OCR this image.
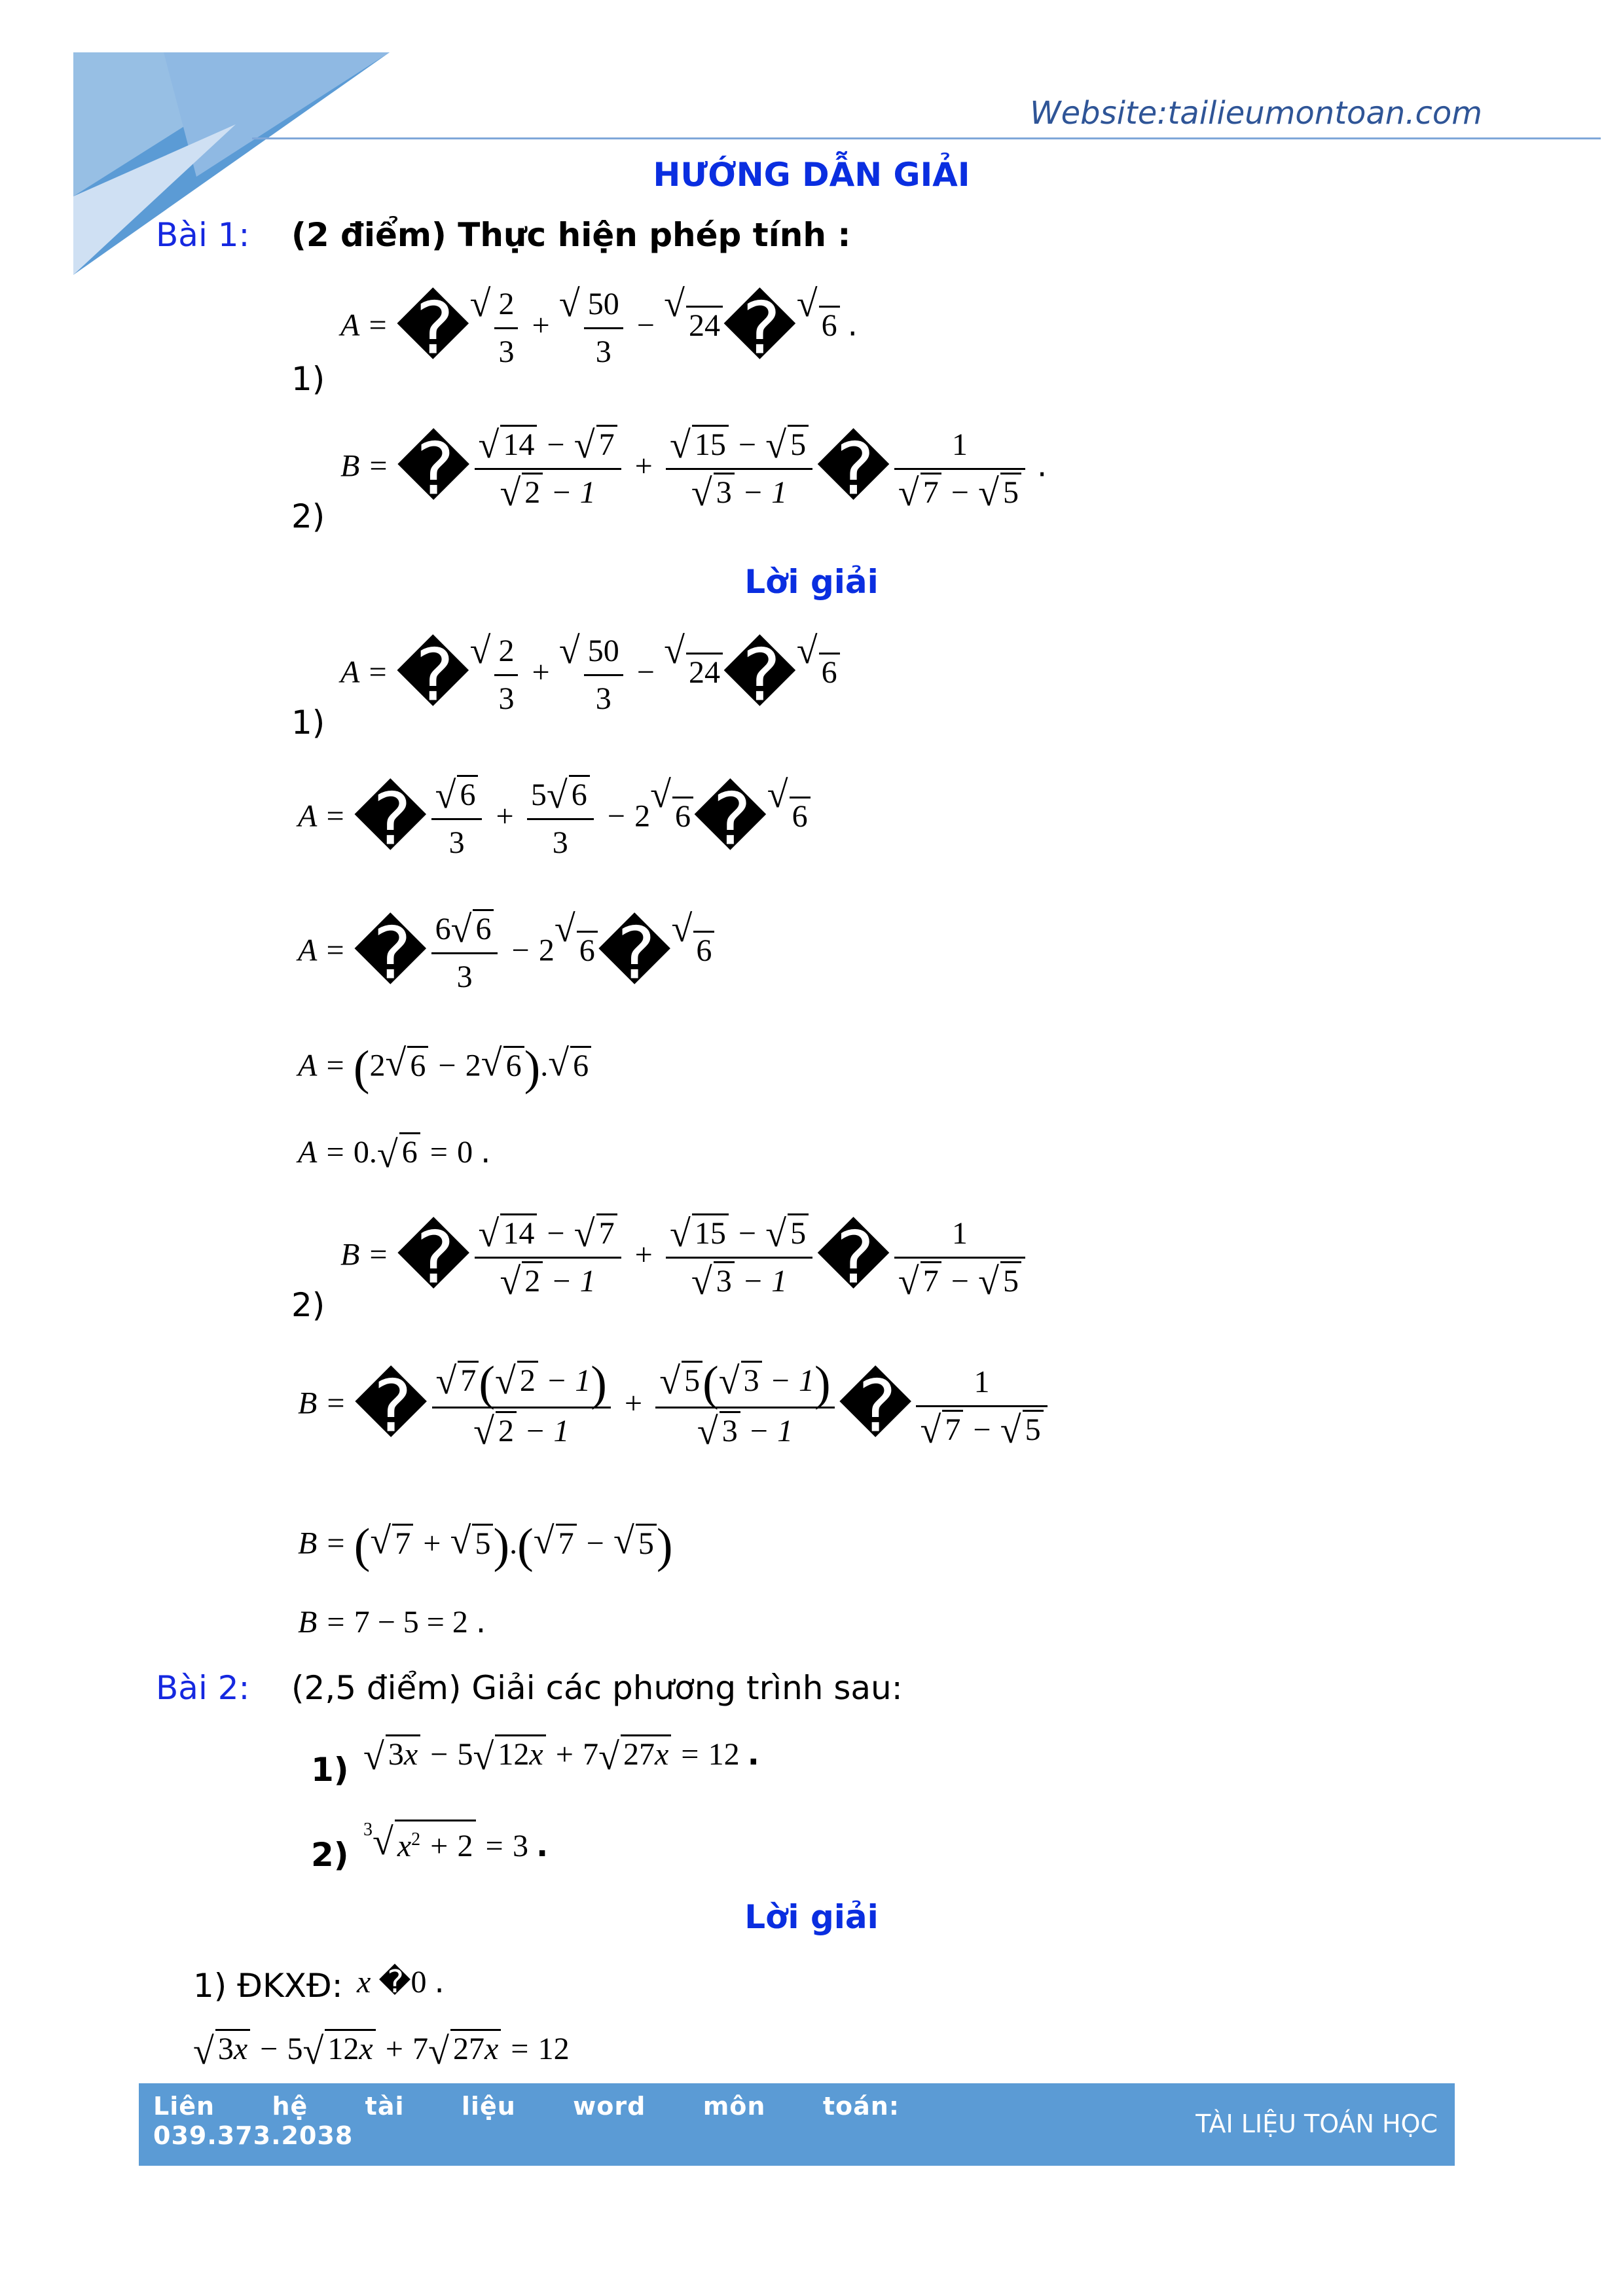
Website:tailieumontoan.com
HƯỚNG DẪN GIẢI
Bài 1: (2 điểm) Thực hiện phép tính :
1)
A = �√ $\frac{2}{3}$ + √ $\frac{50}{3}$ − √24�√6 .
2)
B = � $\frac{√ 14 - √ 7}{√ 2 - 1} + \frac{√ 15 - √ 5}{√ 3 - 1}$ � $\frac{1}{√ 7 - √ 5}$ .
Lời giải
1)
A = �√ $\frac{2}{3}$ + √ $\frac{50}{3}$ − √24�√6
A = � $\frac{√ 6}{3} + \frac{5√ 6}{3}$ − 2√6�√6
A = � $\frac{6√ 6}{3}$ − 2√6�√6
A = (2√ 6 − 2√ 6).√ 6
A = 0.√ 6 = 0 .
2)
B = � $\frac{√ 14 - √ 7}{√ 2 - 1} + \frac{√ 15 - √ 5}{√ 3 - 1}$ � $\frac{1}{√ 7 - √ 5}$
B = � $\frac{√ 7(√ 2 - 1)}{√ 2 - 1} + \frac{√ 5(√ 3 - 1)}{√ 3 - 1}$ � $\frac{1}{√ 7 - √ 5}$
B = (√ 7 + √ 5).(√ 7 − √ 5)
B = 7 − 5 = 2 .
Bài 2: (2,5 điểm) Giải các phương trình sau:
1) √ 3x − 5√ 12x + 7√ 27x = 12 .
2)
$^3$√ $x^2 + 2 = 3$ .
Lời giải
1) ĐKXĐ: x �0 .
√ 3x − 5√ 12x + 7√ 27x = 12
Liên hệ tài liệu word môn toán:
039.373.2038	TÀI LIỆU TOÁN HỌC
